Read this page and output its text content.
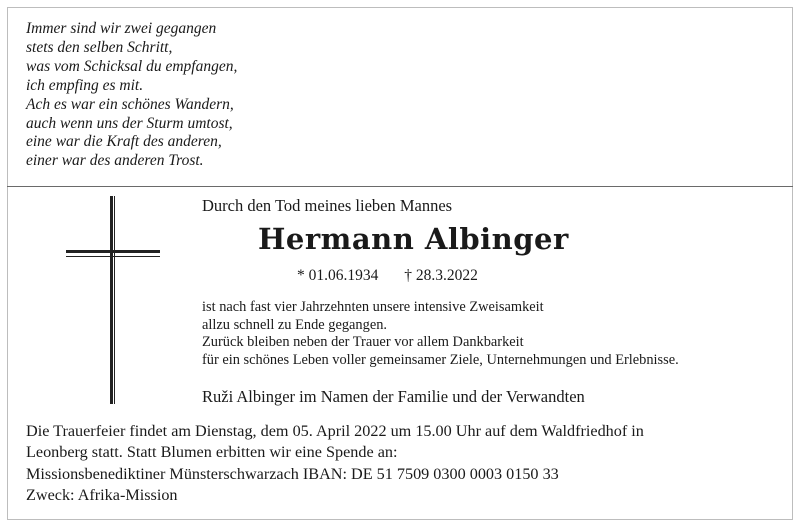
Immer sind wir zwei gegangen
stets den selben Schritt,
was vom Schicksal du empfangen,
ich empfing es mit.
Ach es war ein schönes Wandern,
auch wenn uns der Sturm umtost,
eine war die Kraft des anderen,
einer war des anderen Trost.
Durch den Tod meines lieben Mannes
Hermann Albinger
* 01.06.1934 † 28.3.2022
ist nach fast vier Jahrzehnten unsere intensive Zweisamkeit
allzu schnell zu Ende gegangen.
Zurück bleiben neben der Trauer vor allem Dankbarkeit
für ein schönes Leben voller gemeinsamer Ziele, Unternehmungen und Erlebnisse.
Ruži Albinger im Namen der Familie und der Verwandten
Die Trauerfeier findet am Dienstag, dem 05. April 2022 um 15.00 Uhr auf dem Waldfriedhof in
Leonberg statt. Statt Blumen erbitten wir eine Spende an:
Missionsbenediktiner Münsterschwarzach IBAN: DE 51 7509 0300 0003 0150 33
Zweck: Afrika-Mission
